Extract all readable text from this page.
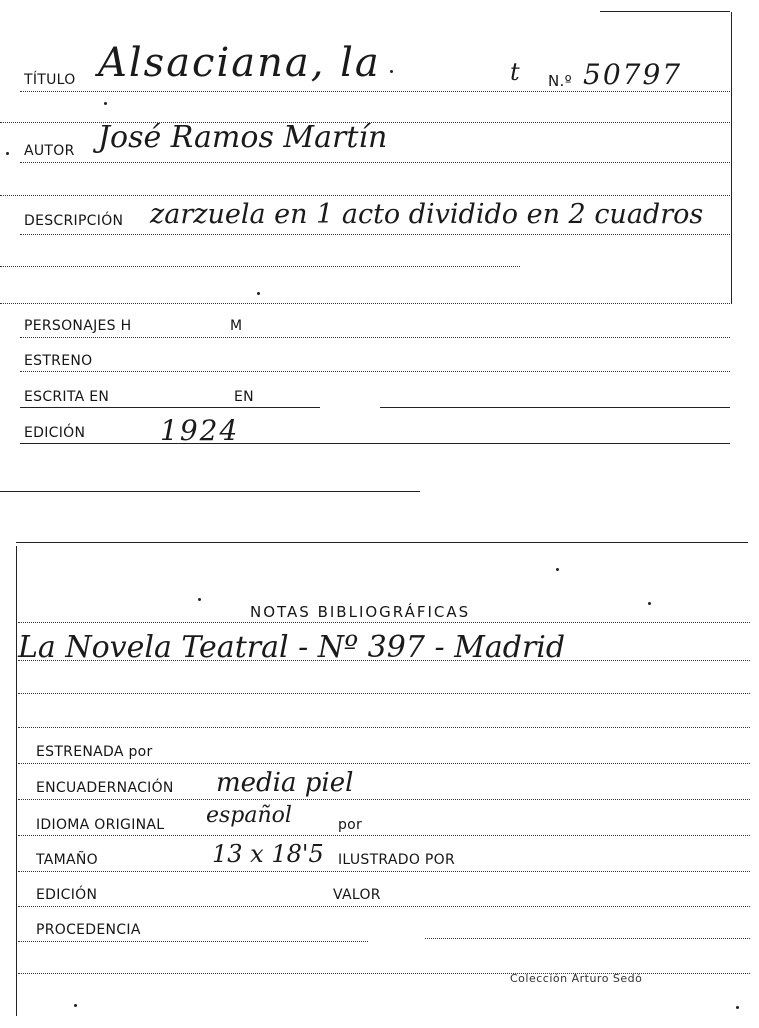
TÍTULO Alsaciana, la	t N.º 50797
AUTOR José Ramos Martín
DESCRIPCIÓN zarzuela en 1 acto dividido en 2 cuadros
PERSONAJES H	M
ESTRENO
ESCRITA EN	EN
EDICIÓN	1924
NOTAS BIBLIOGRÁFICAS
La Novela Teatral - Nº 397 - Madrid
ESTRENADA por
ENCUADERNACIÓN media piel
IDIOMA ORIGINAL español	por
TAMAÑO	13 x 18'5 ILUSTRADO POR
EDICIÓN	VALOR
PROCEDENCIA
Colección Arturo Sedó
